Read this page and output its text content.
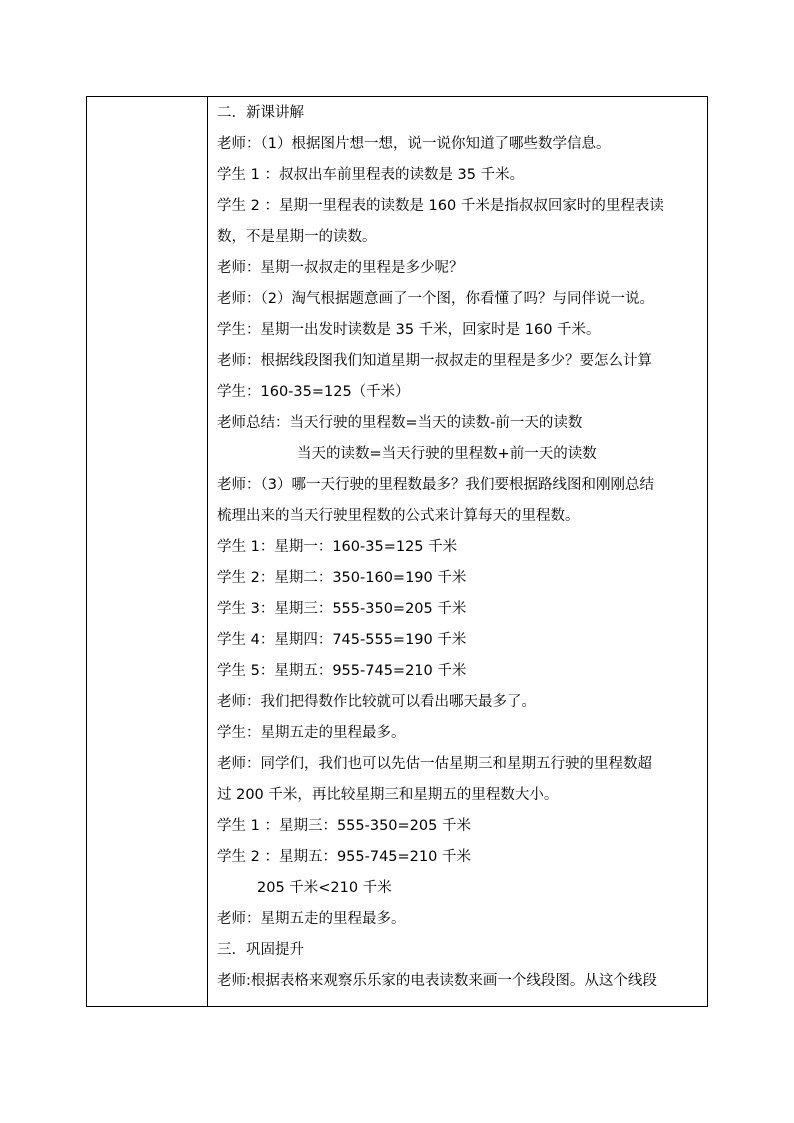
二．新课讲解
老师：（1）根据图片想一想，说一说你知道了哪些数学信息。
学生 1 ：叔叔出车前里程表的读数是 35 千米。
学生 2 ：星期一里程表的读数是 160 千米是指叔叔回家时的里程表读
数，不是星期一的读数。
老师：星期一叔叔走的里程是多少呢？
老师：（2）淘气根据题意画了一个图，你看懂了吗？与同伴说一说。
学生：星期一出发时读数是 35 千米，回家时是 160 千米。
老师：根据线段图我们知道星期一叔叔走的里程是多少？要怎么计算
学生：160-35=125（千米）
老师总结：当天行驶的里程数=当天的读数-前一天的读数
当天的读数=当天行驶的里程数+前一天的读数
老师：（3）哪一天行驶的里程数最多？我们要根据路线图和刚刚总结
梳理出来的当天行驶里程数的公式来计算每天的里程数。
学生 1：星期一：160-35=125 千米
学生 2：星期二：350-160=190 千米
学生 3：星期三：555-350=205 千米
学生 4：星期四：745-555=190 千米
学生 5：星期五：955-745=210 千米
老师：我们把得数作比较就可以看出哪天最多了。
学生：星期五走的里程最多。
老师：同学们，我们也可以先估一估星期三和星期五行驶的里程数超
过 200 千米，再比较星期三和星期五的里程数大小。
学生 1 ：星期三：555-350=205 千米
学生 2 ：星期五：955-745=210 千米
205 千米<210 千米
老师：星期五走的里程最多。
三．巩固提升
老师:根据表格来观察乐乐家的电表读数来画一个线段图。从这个线段
